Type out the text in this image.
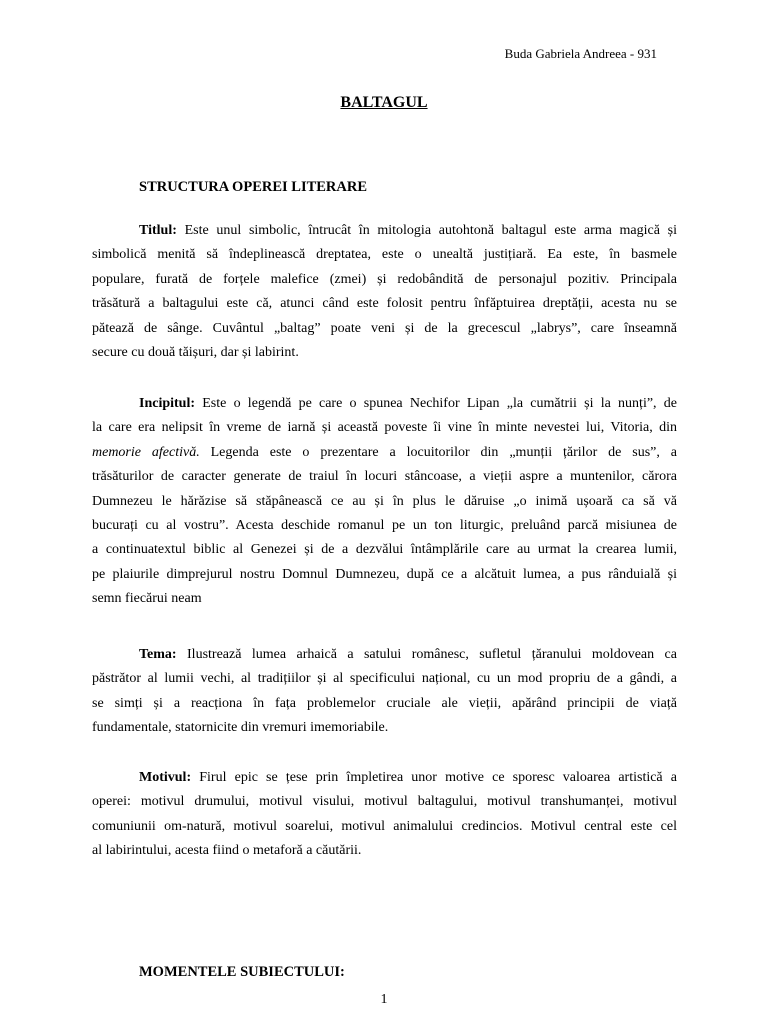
Buda Gabriela Andreea - 931
BALTAGUL
STRUCTURA OPEREI LITERARE
Titlul: Este unul simbolic, întrucât în mitologia autohtonă baltagul este arma magică și
simbolică menită să îndeplinească dreptatea, este o unealtă justițiară. Ea este, în basmele
populare, furată de forțele malefice (zmei) și redobândită de personajul pozitiv. Principala
trăsătură a baltagului este că, atunci când este folosit pentru înfăptuirea dreptății, acesta nu se
pătează de sânge. Cuvântul „baltag” poate veni și de la grecescul „labrys”, care înseamnă
secure cu două tăișuri, dar și labirint.
Incipitul: Este o legendă pe care o spunea Nechifor Lipan „la cumătrii și la nunți”, de
la care era nelipsit în vreme de iarnă și această poveste îi vine în minte nevestei lui, Vitoria, din
memorie afectivă. Legenda este o prezentare a locuitorilor din „munții țărilor de sus”, a
trăsăturilor de caracter generate de traiul în locuri stâncoase, a vieții aspre a muntenilor, cărora
Dumnezeu le hărăzise să stăpânească ce au și în plus le dăruise „o inimă ușoară ca să vă
bucurați cu al vostru”. Acesta deschide romanul pe un ton liturgic, preluând parcă misiunea de
a continuatextul biblic al Genezei și de a dezvălui întâmplările care au urmat la crearea lumii,
pe plaiurile dimprejurul nostru Domnul Dumnezeu, după ce a alcătuit lumea, a pus rânduială și
semn fiecărui neam
Tema: Ilustrează lumea arhaică a satului românesc, sufletul țăranului moldovean ca
păstrător al lumii vechi, al tradițiilor și al specificului național, cu un mod propriu de a gândi, a
se simți și a reacționa în fața problemelor cruciale ale vieții, apărând principii de viață
fundamentale, statornicite din vremuri imemoriabile.
Motivul: Firul epic se țese prin împletirea unor motive ce sporesc valoarea artistică a
operei: motivul drumului, motivul visului, motivul baltagului, motivul transhumanței, motivul
comuniunii om-natură, motivul soarelui, motivul animalului credincios. Motivul central este cel
al labirintului, acesta fiind o metaforă a căutării.
MOMENTELE SUBIECTULUI:
1
